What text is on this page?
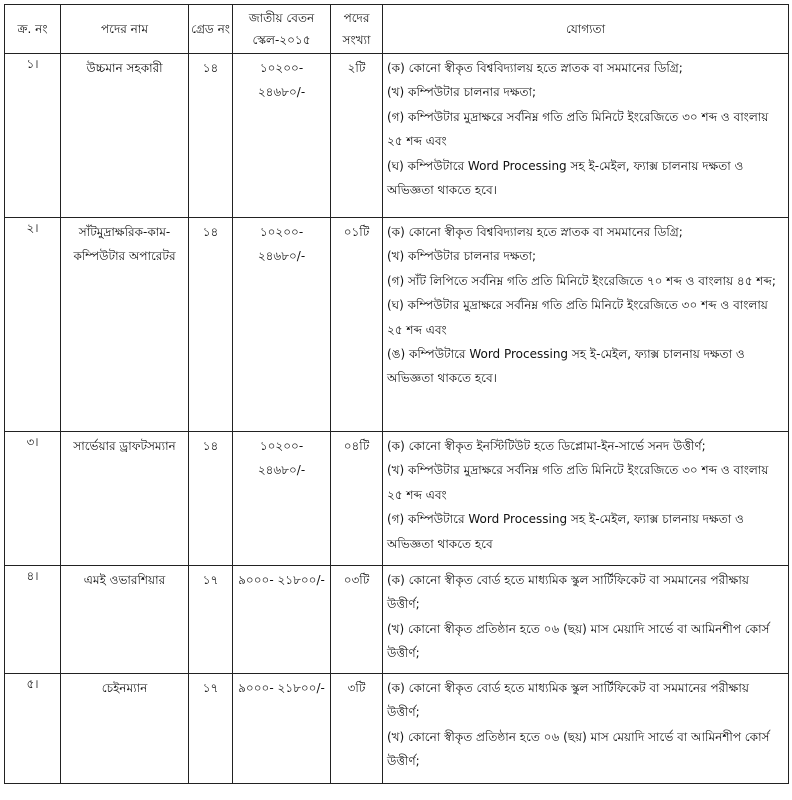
ক্র. নং	পদের নাম	গ্রেড নং	জাতীয় বেতন স্কেল-২০১৫	পদের সংখ্যা	যোগ্যতা
১।	উচ্চমান সহকারী	১৪	১০২০০- ২৪৬৮০/-	২টি	(ক) কোনো স্বীকৃত বিশ্ববিদ্যালয় হতে স্নাতক বা সমমানের ডিগ্রি;

(খ) কম্পিউটার চালনার দক্ষতা;

(গ) কম্পিউটার মুদ্রাক্ষরে সর্বনিম্ন গতি প্রতি মিনিটে ইংরেজিতে ৩০ শব্দ ও বাংলায় ২৫ শব্দ এবং

(ঘ) কম্পিউটারে Word Processing সহ ই-মেইল, ফ্যাক্স চালনায় দক্ষতা ও অভিজ্ঞতা থাকতে হবে।

২।	সাঁটমুদ্রাক্ষরিক-কাম-কম্পিউটার অপারেটর	১৪	১০২০০- ২৪৬৮০/-	০১টি	(ক) কোনো স্বীকৃত বিশ্ববিদ্যালয় হতে স্নাতক বা সমমানের ডিগ্রি;

(খ) কম্পিউটার চালনার দক্ষতা;

(গ) সাঁট লিপিতে সর্বনিম্ন গতি প্রতি মিনিটে ইংরেজিতে ৭০ শব্দ ও বাংলায় ৪৫ শব্দ;

(ঘ) কম্পিউটার মুদ্রাক্ষরে সর্বনিম্ন গতি প্রতি মিনিটে ইংরেজিতে ৩০ শব্দ ও বাংলায় ২৫ শব্দ এবং

(ঙ) কম্পিউটারে Word Processing সহ ই-মেইল, ফ্যাক্স চালনায় দক্ষতা ও অভিজ্ঞতা থাকতে হবে।

৩।	সার্ভেয়ার ড্রাফটসম্যান	১৪	১০২০০- ২৪৬৮০/-	০৪টি	(ক) কোনো স্বীকৃত ইনস্টিটিউট হতে ডিপ্লোমা-ইন-সার্ভে সনদ উত্তীর্ণ;

(খ) কম্পিউটার মুদ্রাক্ষরে সর্বনিম্ন গতি প্রতি মিনিটে ইংরেজিতে ৩০ শব্দ ও বাংলায় ২৫ শব্দ এবং

(গ) কম্পিউটারে Word Processing সহ ই-মেইল, ফ্যাক্স চালনায় দক্ষতা ও অভিজ্ঞতা থাকতে হবে

৪।	এমই ওভারশিয়ার	১৭	৯০০০- ২১৮০০/-	০৩টি	(ক) কোনো স্বীকৃত বোর্ড হতে মাধ্যমিক স্কুল সার্টিফিকেট বা সমমানের পরীক্ষায় উত্তীর্ণ;

(খ) কোনো স্বীকৃত প্রতিষ্ঠান হতে ০৬ (ছয়) মাস মেয়াদি সার্ভে বা আমিনশীপ কোর্স উত্তীর্ণ;

৫।	চেইনম্যান	১৭	৯০০০- ২১৮০০/-	৩টি	(ক) কোনো স্বীকৃত বোর্ড হতে মাধ্যমিক স্কুল সার্টিফিকেট বা সমমানের পরীক্ষায় উত্তীর্ণ;

(খ) কোনো স্বীকৃত প্রতিষ্ঠান হতে ০৬ (ছয়) মাস মেয়াদি সার্ভে বা আমিনশীপ কোর্স উত্তীর্ণ;
